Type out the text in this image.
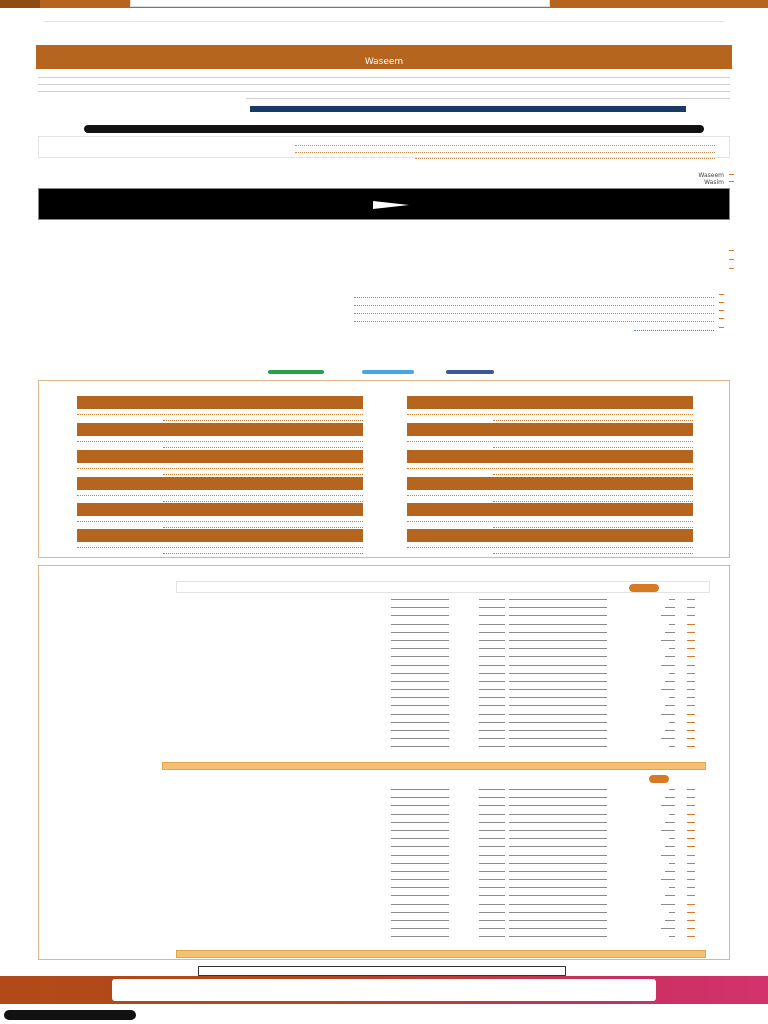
Waseem
Waseem
Wasim
